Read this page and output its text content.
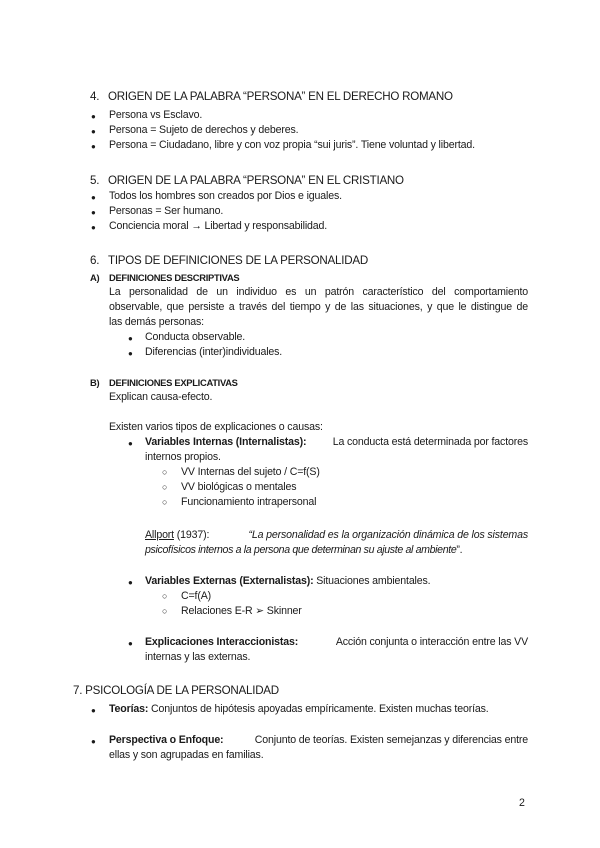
4. ORIGEN DE LA PALABRA “PERSONA” EN EL DERECHO ROMANO
● Persona vs Esclavo.
● Persona = Sujeto de derechos y deberes.
● Persona = Ciudadano, libre y con voz propia “sui juris”. Tiene voluntad y libertad.
5. ORIGEN DE LA PALABRA “PERSONA” EN EL CRISTIANO
● Todos los hombres son creados por Dios e iguales.
● Personas = Ser humano.
● Conciencia moral → Libertad y responsabilidad.
6. TIPOS DE DEFINICIONES DE LA PERSONALIDAD
A) DEFINICIONES DESCRIPTIVAS
La personalidad de un individuo es un patrón característico del comportamiento
observable, que persiste a través del tiempo y de las situaciones, y que le distingue de
las demás personas:
● Conducta observable.
● Diferencias (inter)individuales.
B) DEFINICIONES EXPLICATIVAS
Explican causa-efecto.
Existen varios tipos de explicaciones o causas:
● Variables Internas (Internalistas): La conducta está determinada por factores
internos propios.
○ VV Internas del sujeto / C=f(S)
○ VV biológicas o mentales
○ Funcionamiento intrapersonal
Allport (1937):	“La personalidad es la organización dinámica de los sistemas
psicofísicos internos a la persona que determinan su ajuste al ambiente”.
● Variables Externas (Externalistas): Situaciones ambientales.
○ C=f(A)
○ Relaciones E-R ➢ Skinner
● Explicaciones Interaccionistas:	Acción conjunta o interacción entre las VV
internas y las externas.
7. PSICOLOGÍA DE LA PERSONALIDAD
● Teorías: Conjuntos de hipótesis apoyadas empíricamente. Existen muchas teorías.
● Perspectiva o Enfoque:	Conjunto de teorías. Existen semejanzas y diferencias entre
ellas y son agrupadas en familias.
2
